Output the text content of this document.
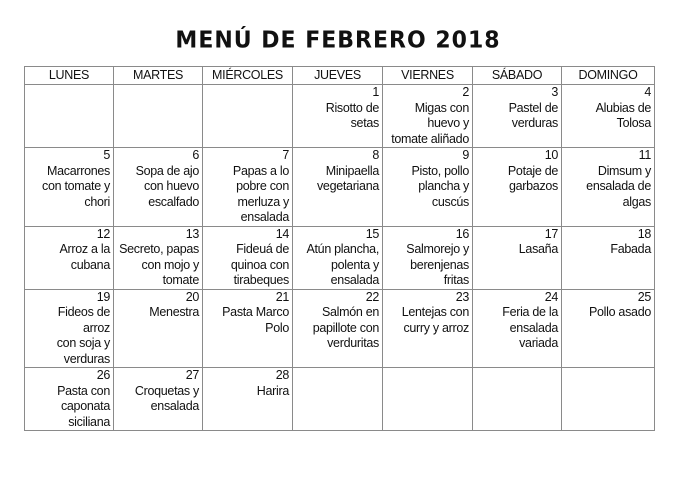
MENÚ DE FEBRERO 2018
LUNES	MARTES	MIÉRCOLES	JUEVES	VIERNES	SÁBADO	DOMINGO

			1
Risotto de
setas	2
Migas con
huevo y
tomate aliñado	3
Pastel de
verduras	4
Alubias de
Tolosa

5
Macarrones
con tomate y
chori	6
Sopa de ajo
con huevo
escalfado	7
Papas a lo
pobre con
merluza y
ensalada	8
Minipaella
vegetariana	9
Pisto, pollo
plancha y
cuscús	10
Potaje de
garbazos	11
Dimsum y
ensalada de
algas

12
Arroz a la
cubana	13
Secreto, papas
con mojo y
tomate	14
Fideuá de
quinoa con
tirabeques	15
Atún plancha,
polenta y
ensalada	16
Salmorejo y
berenjenas
fritas	17
Lasaña	18
Fabada

19
Fideos de arroz
con soja y
verduras	20
Menestra	21
Pasta Marco
Polo	22
Salmón en
papillote con
verduritas	23
Lentejas con
curry y arroz	24
Feria de la
ensalada
variada	25
Pollo asado

26
Pasta con
caponata
siciliana	27
Croquetas y
ensalada	28
Harira				
